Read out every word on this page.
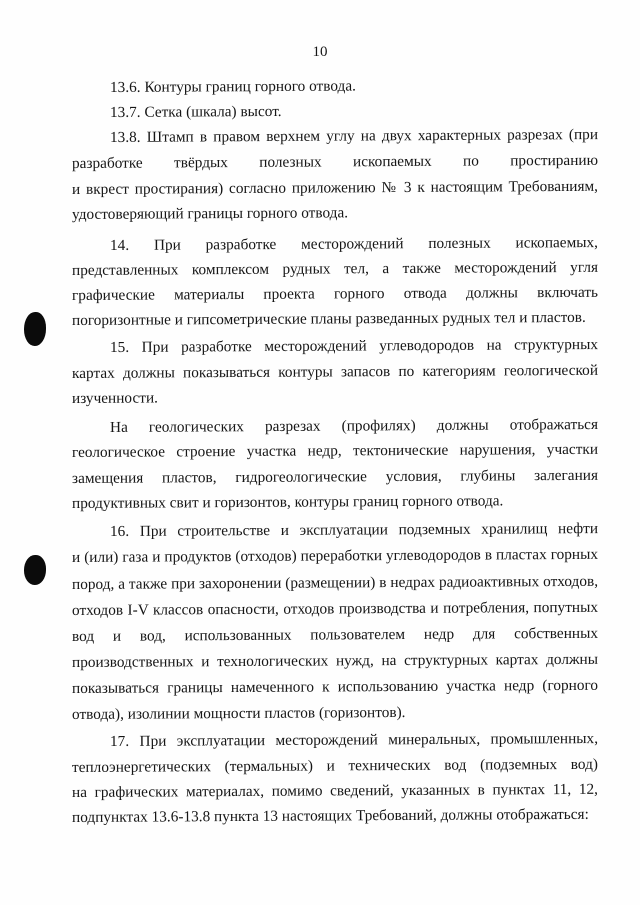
10
13.6. Контуры границ горного отвода.
13.7. Сетка (шкала) высот.
13.8. Штамп в правом верхнем углу на двух характерных разрезах (при
разработке твёрдых полезных ископаемых по простиранию
и вкрест простирания) согласно приложению № 3 к настоящим Требованиям,
удостоверяющий границы горного отвода.
14. При разработке месторождений полезных ископаемых,
представленных комплексом рудных тел, а также месторождений угля
графические материалы проекта горного отвода должны включать
погоризонтные и гипсометрические планы разведанных рудных тел и пластов.
15. При разработке месторождений углеводородов на структурных
картах должны показываться контуры запасов по категориям геологической
изученности.
На геологических разрезах (профилях) должны отображаться
геологическое строение участка недр, тектонические нарушения, участки
замещения пластов, гидрогеологические условия, глубины залегания
продуктивных свит и горизонтов, контуры границ горного отвода.
16. При строительстве и эксплуатации подземных хранилищ нефти
и (или) газа и продуктов (отходов) переработки углеводородов в пластах горных
пород, а также при захоронении (размещении) в недрах радиоактивных отходов,
отходов I-V классов опасности, отходов производства и потребления, попутных
вод и вод, использованных пользователем недр для собственных
производственных и технологических нужд, на структурных картах должны
показываться границы намеченного к использованию участка недр (горного
отвода), изолинии мощности пластов (горизонтов).
17. При эксплуатации месторождений минеральных, промышленных,
теплоэнергетических (термальных) и технических вод (подземных вод)
на графических материалах, помимо сведений, указанных в пунктах 11, 12,
подпунктах 13.6-13.8 пункта 13 настоящих Требований, должны отображаться:
